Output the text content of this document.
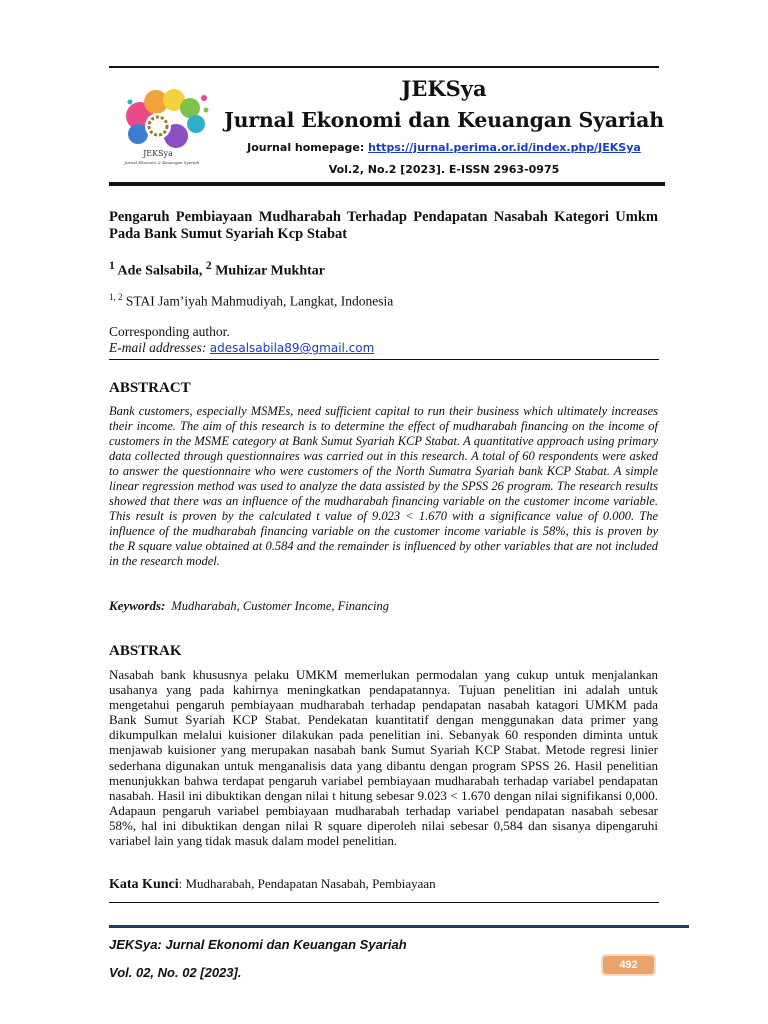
JEKSya
Jurnal Ekonomi & Keuangan Syariah
JEKSya
Jurnal Ekonomi dan Keuangan Syariah
Journal homepage: https://jurnal.perima.or.id/index.php/JEKSya
Vol.2, No.2 [2023]. E-ISSN 2963-0975
Pengaruh Pembiayaan Mudharabah Terhadap Pendapatan Nasabah Kategori Umkm Pada Bank Sumut Syariah Kcp Stabat
$^1$ Ade Salsabila, $^2$ Muhizar Mukhtar
$^{1, 2}$ STAI Jam’iyah Mahmudiyah, Langkat, Indonesia
Corresponding author.
E-mail addresses: adesalsabila89@gmail.com
ABSTRACT
Bank customers, especially MSMEs, need sufficient capital to run their business which ultimately increases their income. The aim of this research is to determine the effect of mudharabah financing on the income of customers in the MSME category at Bank Sumut Syariah KCP Stabat. A quantitative approach using primary data collected through questionnaires was carried out in this research. A total of 60 respondents were asked to answer the questionnaire who were customers of the North Sumatra Syariah bank KCP Stabat. A simple linear regression method was used to analyze the data assisted by the SPSS 26 program. The research results showed that there was an influence of the mudharabah financing variable on the customer income variable. This result is proven by the calculated t value of 9.023 < 1.670 with a significance value of 0.000. The influence of the mudharabah financing variable on the customer income variable is 58%, this is proven by the R square value obtained at 0.584 and the remainder is influenced by other variables that are not included in the research model.
Keywords: Mudharabah, Customer Income, Financing
ABSTRAK
Nasabah bank khususnya pelaku UMKM memerlukan permodalan yang cukup untuk menjalankan usahanya yang pada kahirnya meningkatkan pendapatannya. Tujuan penelitian ini adalah untuk mengetahui pengaruh pembiayaan mudharabah terhadap pendapatan nasabah katagori UMKM pada Bank Sumut Syariah KCP Stabat. Pendekatan kuantitatif dengan menggunakan data primer yang dikumpulkan melalui kuisioner dilakukan pada penelitian ini. Sebanyak 60 responden diminta untuk menjawab kuisioner yang merupakan nasabah bank Sumut Syariah KCP Stabat. Metode regresi linier sederhana digunakan untuk menganalisis data yang dibantu dengan program SPSS 26. Hasil penelitian menunjukkan bahwa terdapat pengaruh variabel pembiayaan mudharabah terhadap variabel pendapatan nasabah. Hasil ini dibuktikan dengan nilai t hitung sebesar 9.023 < 1.670 dengan nilai signifikansi 0,000. Adapaun pengaruh variabel pembiayaan mudharabah terhadap variabel pendapatan nasabah sebesar 58%, hal ini dibuktikan dengan nilai R square diperoleh nilai sebesar 0,584 dan sisanya dipengaruhi variabel lain yang tidak masuk dalam model penelitian.
Kata Kunci: Mudharabah, Pendapatan Nasabah, Pembiayaan
JEKSya: Jurnal Ekonomi dan Keuangan Syariah
Vol. 02, No. 02 [2023].	492
